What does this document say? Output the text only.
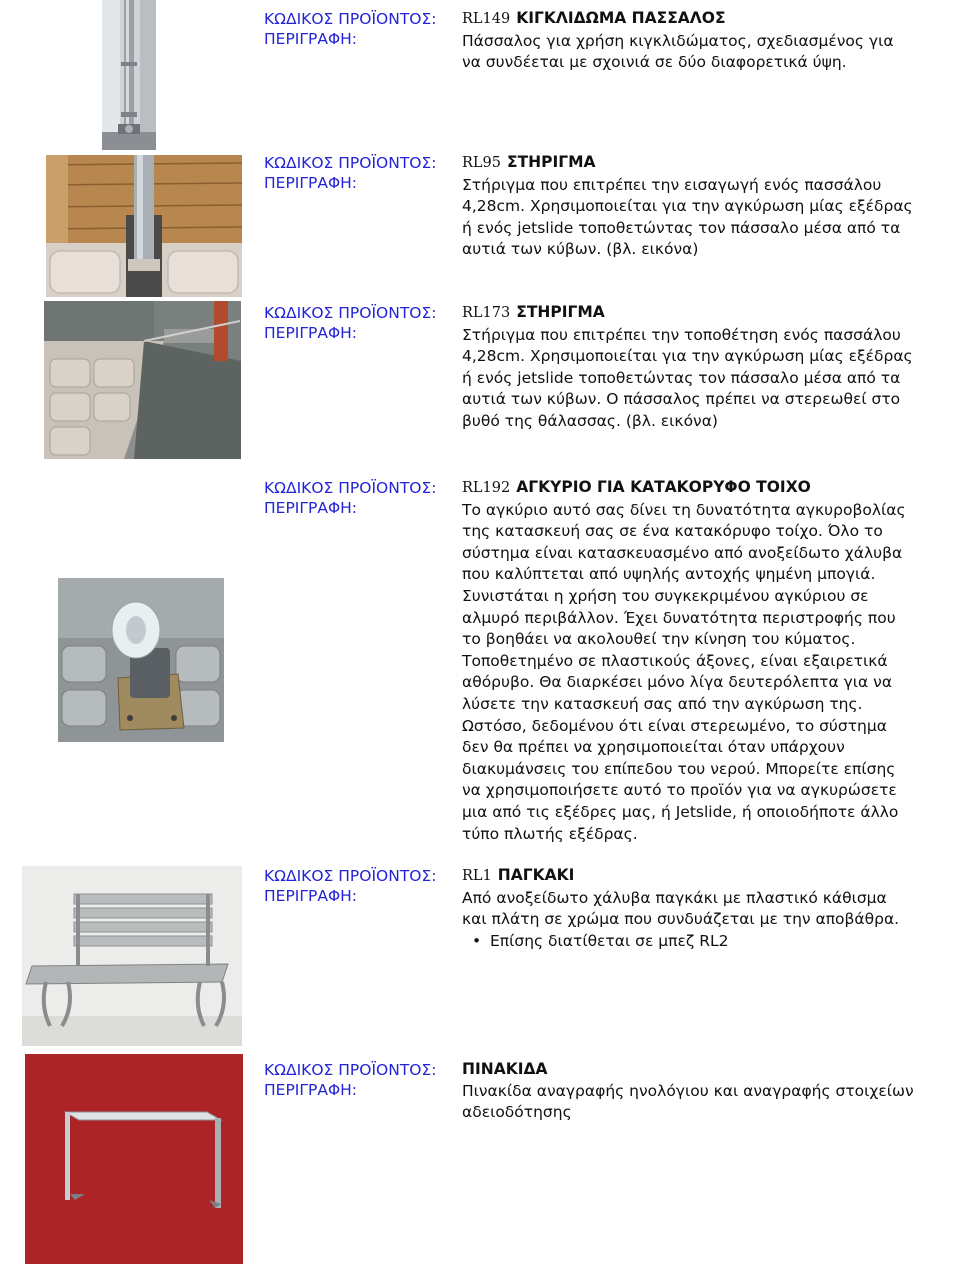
ΚΩΔΙΚΟΣ ΠΡΟΪΟΝΤΟΣ:
ΠΕΡΙΓΡΑΦΗ:
RL149 ΚΙΓΚΛΙΔΩΜΑ ΠΑΣΣΑΛΟΣ
Πάσσαλος για χρήση κιγκλιδώματος, σχεδιασμένος για
να συνδέεται με σχοινιά σε δύο διαφορετικά ύψη.
ΚΩΔΙΚΟΣ ΠΡΟΪΟΝΤΟΣ:
ΠΕΡΙΓΡΑΦΗ:
RL95 ΣΤΗΡΙΓΜΑ
Στήριγμα που επιτρέπει την εισαγωγή ενός πασσάλου
4,28cm. Χρησιμοποιείται για την αγκύρωση μίας εξέδρας
ή ενός jetslide τοποθετώντας τον πάσσαλο μέσα από τα
αυτιά των κύβων. (βλ. εικόνα)
ΚΩΔΙΚΟΣ ΠΡΟΪΟΝΤΟΣ:
ΠΕΡΙΓΡΑΦΗ:
RL173 ΣΤΗΡΙΓΜΑ
Στήριγμα που επιτρέπει την τοποθέτηση ενός πασσάλου
4,28cm. Χρησιμοποιείται για την αγκύρωση μίας εξέδρας
ή ενός jetslide τοποθετώντας τον πάσσαλο μέσα από τα
αυτιά των κύβων. Ο πάσσαλος πρέπει να στερεωθεί στο
βυθό της θάλασσας. (βλ. εικόνα)
ΚΩΔΙΚΟΣ ΠΡΟΪΟΝΤΟΣ:
ΠΕΡΙΓΡΑΦΗ:
RL192 ΑΓΚΥΡΙΟ ΓΙΑ ΚΑΤΑΚΟΡΥΦΟ ΤΟΙΧΟ
Το αγκύριο αυτό σας δίνει τη δυνατότητα αγκυροβολίας
της κατασκευή σας σε ένα κατακόρυφο τοίχο. Όλο το
σύστημα είναι κατασκευασμένο από ανοξείδωτο χάλυβα
που καλύπτεται από υψηλής αντοχής ψημένη μπογιά.
Συνιστάται η χρήση του συγκεκριμένου αγκύριου σε
αλμυρό περιβάλλον. Έχει δυνατότητα περιστροφής που
το βοηθάει να ακολουθεί την κίνηση του κύματος.
Τοποθετημένο σε πλαστικούς άξονες, είναι εξαιρετικά
αθόρυβο. Θα διαρκέσει μόνο λίγα δευτερόλεπτα για να
λύσετε την κατασκευή σας από την αγκύρωση της.
Ωστόσο, δεδομένου ότι είναι στερεωμένο, το σύστημα
δεν θα πρέπει να χρησιμοποιείται όταν υπάρχουν
διακυμάνσεις του επίπεδου του νερού. Μπορείτε επίσης
να χρησιμοποιήσετε αυτό το προϊόν για να αγκυρώσετε
μια από τις εξέδρες μας, ή Jetslide, ή οποιοδήποτε άλλο
τύπο πλωτής εξέδρας.
ΚΩΔΙΚΟΣ ΠΡΟΪΟΝΤΟΣ:
ΠΕΡΙΓΡΑΦΗ:
RL1 ΠΑΓΚΑΚΙ
Από ανοξείδωτο χάλυβα παγκάκι με πλαστικό κάθισμα
και πλάτη σε χρώμα που συνδυάζεται με την αποβάθρα.
• Επίσης διατίθεται σε μπεζ RL2
ΚΩΔΙΚΟΣ ΠΡΟΪΟΝΤΟΣ:
ΠΕΡΙΓΡΑΦΗ:
ΠΙΝΑΚΙΔΑ
Πινακίδα αναγραφής ηνολόγιου και αναγραφής στοιχείων
αδειοδότησης
